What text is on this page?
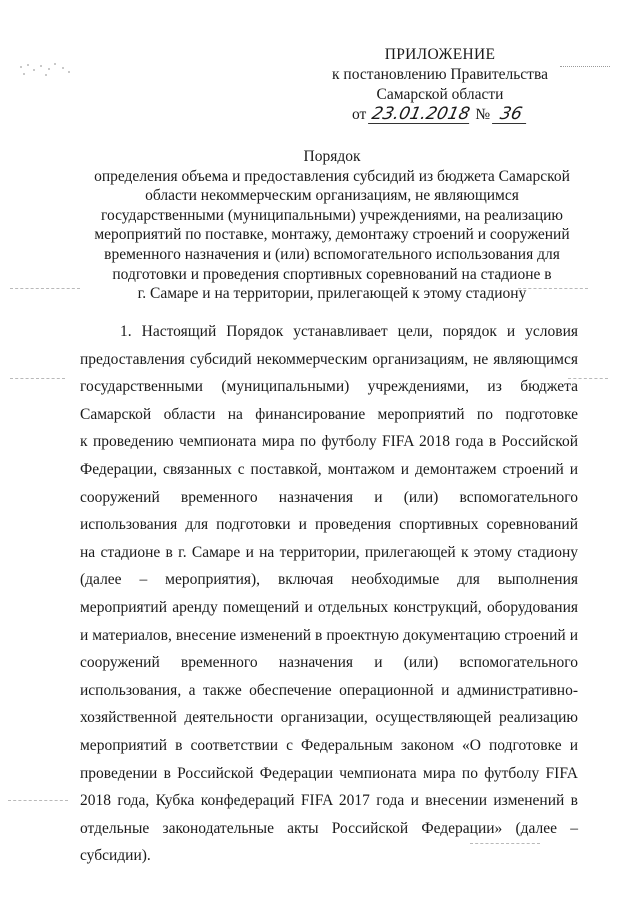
ПРИЛОЖЕНИЕ
к постановлению Правительства
Самарской области
от 23.01.2018 № 36
Порядок
определения объема и предоставления субсидий из бюджета Самарской
области некоммерческим организациям, не являющимся
государственными (муниципальными) учреждениями, на реализацию
мероприятий по поставке, монтажу, демонтажу строений и сооружений
временного назначения и (или) вспомогательного использования для
подготовки и проведения спортивных соревнований на стадионе в
г. Самаре и на территории, прилегающей к этому стадиону
1. Настоящий Порядок устанавливает цели, порядок и условия
предоставления субсидий некоммерческим организациям, не являющимся
государственными (муниципальными) учреждениями, из бюджета
Самарской области на финансирование мероприятий по подготовке
к проведению чемпионата мира по футболу FIFA 2018 года в Российской
Федерации, связанных с поставкой, монтажом и демонтажем строений и
сооружений временного назначения и (или) вспомогательного
использования для подготовки и проведения спортивных соревнований
на стадионе в г. Самаре и на территории, прилегающей к этому стадиону
(далее – мероприятия), включая необходимые для выполнения
мероприятий аренду помещений и отдельных конструкций, оборудования
и материалов, внесение изменений в проектную документацию строений и
сооружений временного назначения и (или) вспомогательного
использования, а также обеспечение операционной и административно-
хозяйственной деятельности организации, осуществляющей реализацию
мероприятий в соответствии с Федеральным законом «О подготовке и
проведении в Российской Федерации чемпионата мира по футболу FIFA
2018 года, Кубка конфедераций FIFA 2017 года и внесении изменений в
отдельные законодательные акты Российской Федерации» (далее –
субсидии).
